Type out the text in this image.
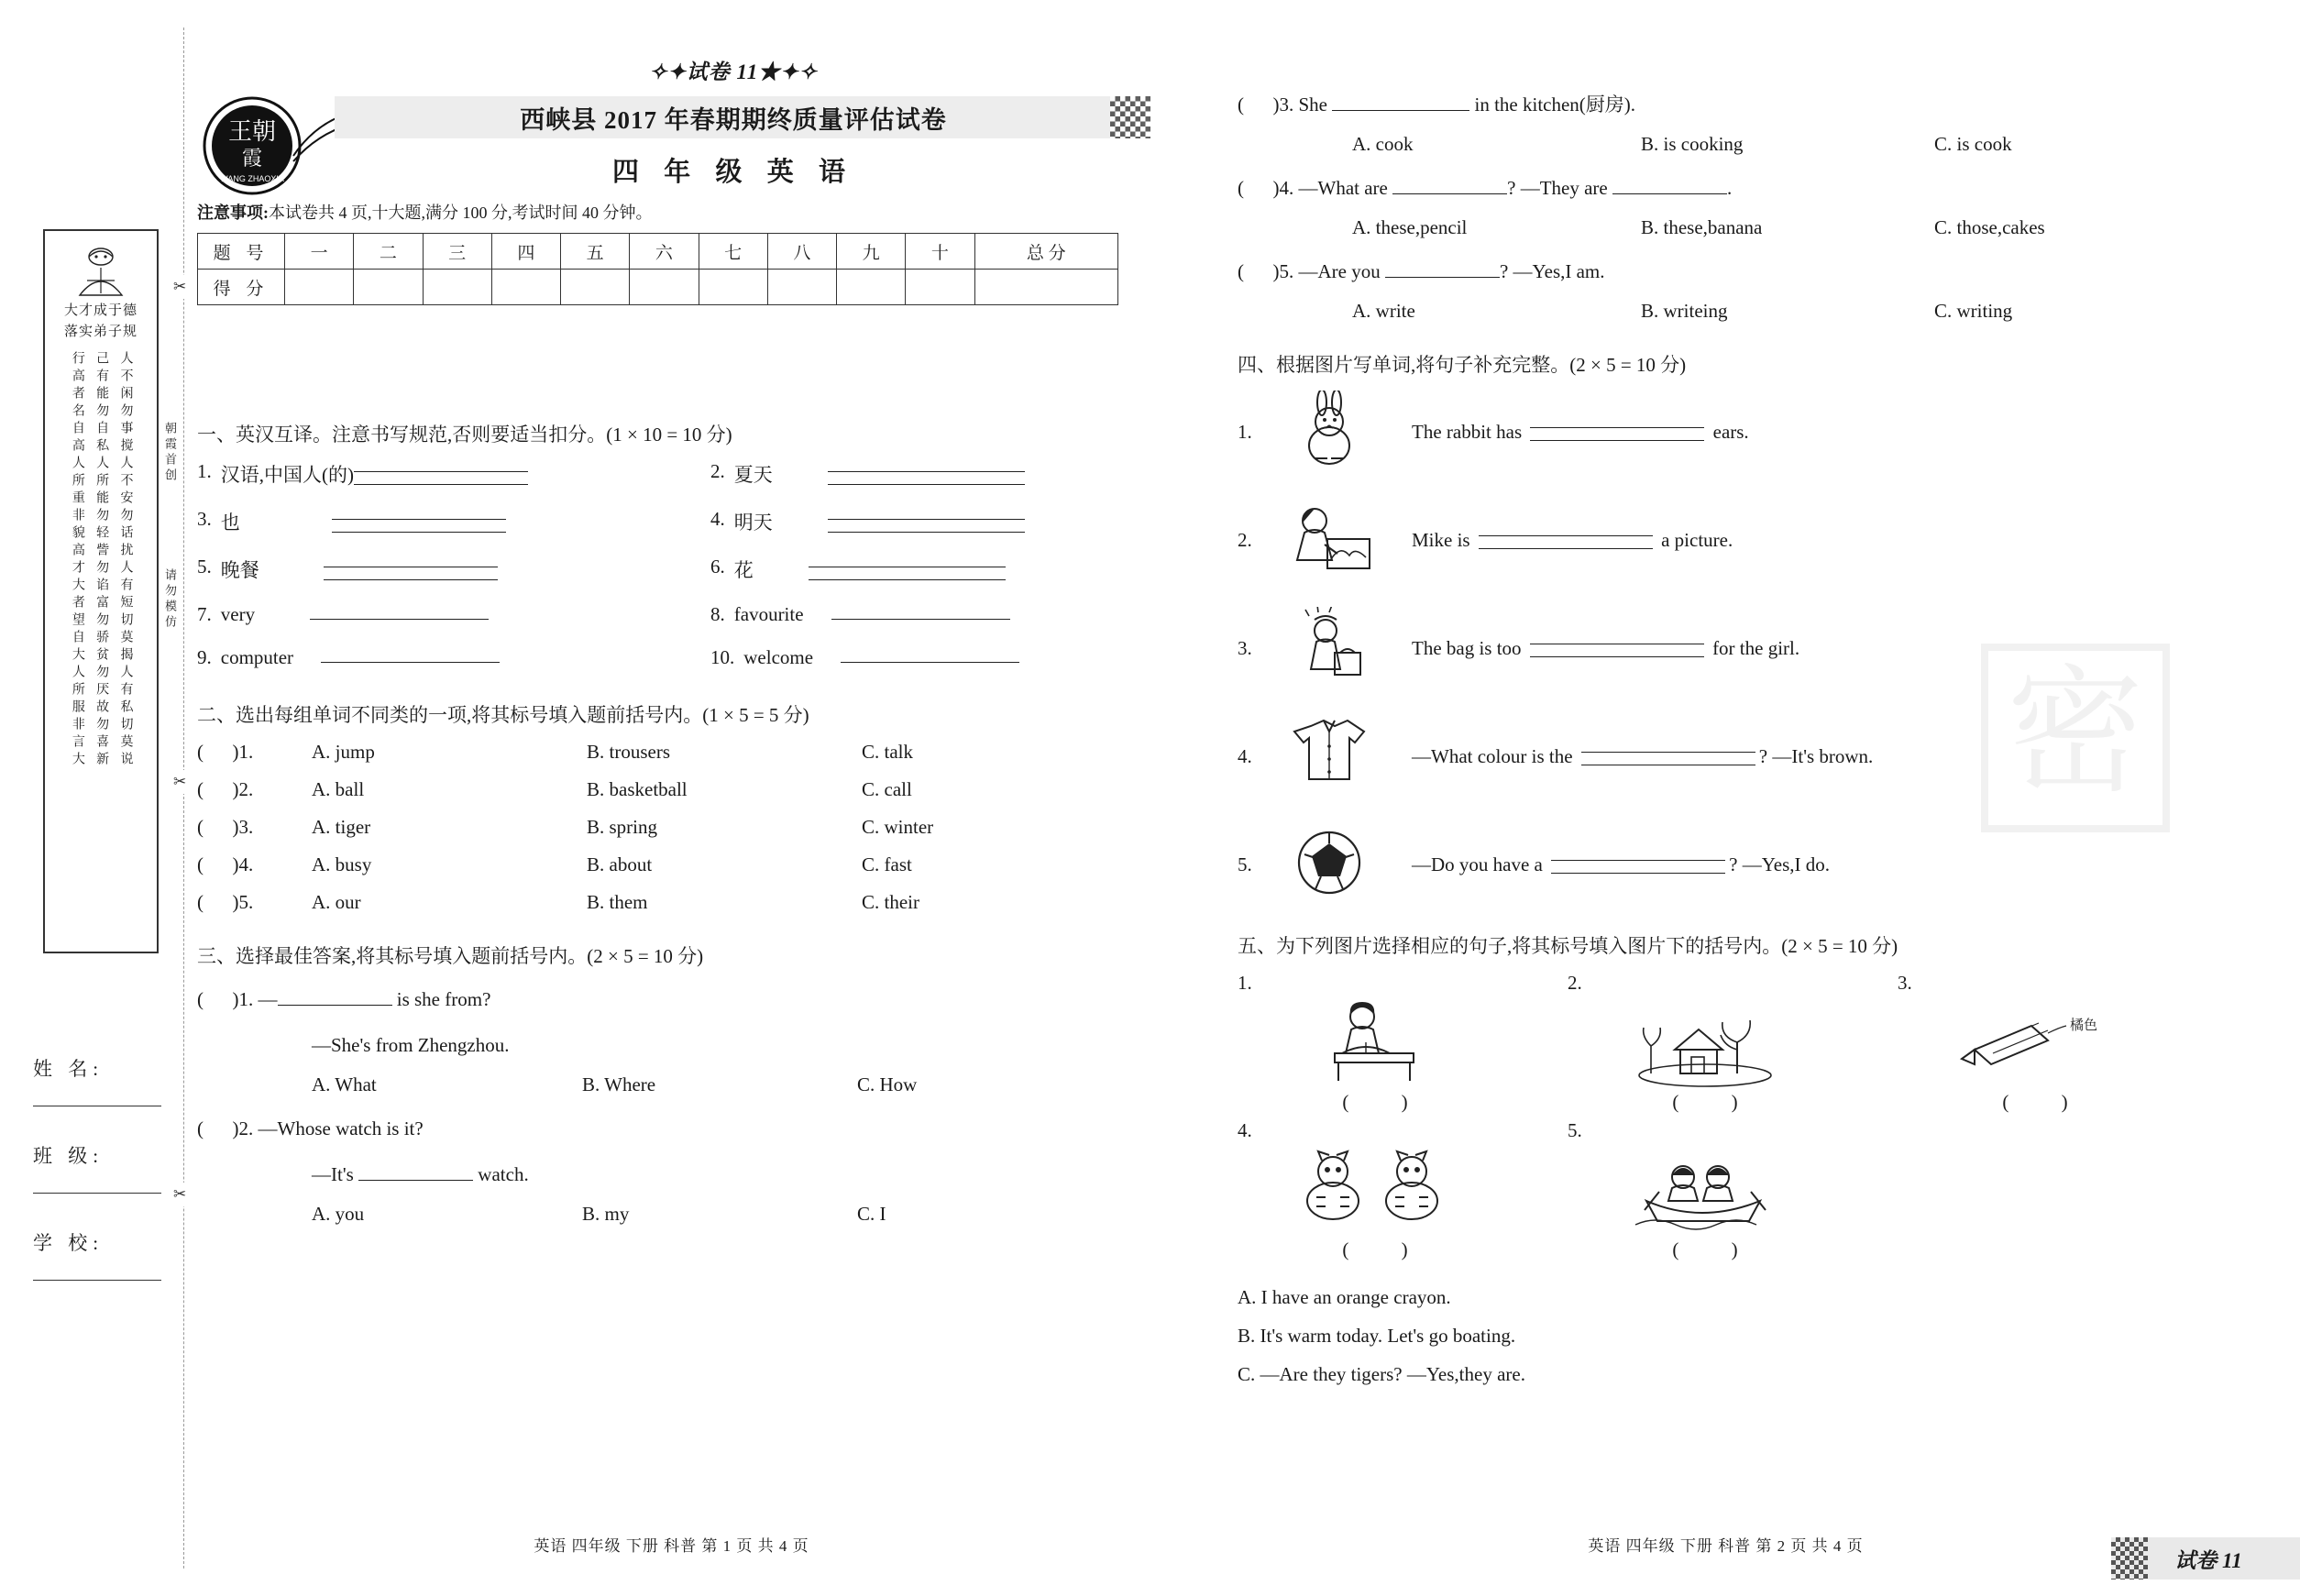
大才成于德
落实弟子规
人不闲勿事搅人不安勿话扰人有短切莫揭人有私切莫说
己有能勿自私人所能勿轻訾勿谄富勿骄贫勿厌故勿喜新
行高者名自高人所重非貌高才大者望自大人所服非言大	朝霞首创
请勿模仿
姓 名:
班 级:
学 校:
✂
✂
✂
王朝
霞
WANG ZHAOXIA
✧✦试卷 11★✦✧
西峡县 2017 年春期期终质量评估试卷
四 年 级 英 语
注意事项:本试卷共 4 页,十大题,满分 100 分,考试时间 40 分钟。
题 号	一	二	三	四	五	六	七	八	九	十	总 分
得 分											
一、英汉互译。注意书写规范,否则要适当扣分。(1 × 10 = 10 分)
1. 汉语,中国人(的)	2. 夏天
3. 也	4. 明天
5. 晚餐	6. 花
7. very	8. favourite
9. computer	10. welcome
二、选出每组单词不同类的一项,将其标号填入题前括号内。(1 × 5 = 5 分)
(      )1.	A. jump	B. trousers	C. talk
(      )2.	A. ball	B. basketball	C. call
(      )3.	A. tiger	B. spring	C. winter
(      )4.	A. busy	B. about	C. fast
(      )5.	A. our	B. them	C. their
三、选择最佳答案,将其标号填入题前括号内。(2 × 5 = 10 分)
(      )1. —	is she from?
—She's from Zhengzhou.
A. What	B. Where	C. How
(      )2. —Whose watch is it?
—It's	watch.
A. you	B. my	C. I
(      )3. She	in the kitchen(厨房).
A. cook	B. is cooking	C. is cook
(      )4. —What are	? —They are	.
A. these,pencil	B. these,banana	C. those,cakes
(      )5. —Are you	? —Yes,I am.
A. write	B. writeing	C. writing
四、根据图片写单词,将句子补充完整。(2 × 5 = 10 分)
1.	The rabbit has	ears.
2.	Mike is	a picture.
3.	The bag is too	for the girl.
4.	—What colour is the	? —It's brown.
5.	—Do you have a	? —Yes,I do.
五、为下列图片选择相应的句子,将其标号填入图片下的括号内。(2 × 5 = 10 分)
1.
( )
2.
( )
3.
橘色
( )
4.
( )
5.
( )
A. I have an orange crayon.
B. It's warm today. Let's go boating.
C. —Are they tigers? —Yes,they are.
密
英语 四年级 下册 科普 第 1 页 共 4 页	英语 四年级 下册 科普 第 2 页 共 4 页
试卷 11
